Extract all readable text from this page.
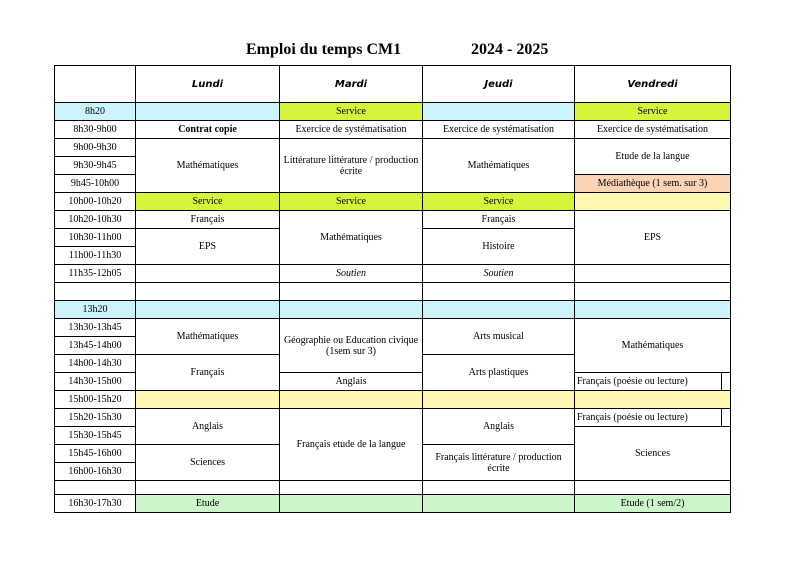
Emploi du temps CM1	2024 - 2025
	Lundi	Mardi	Jeudi	Vendredi	
8h20		Service		Service	
8h30-9h00	Contrat copie	Exercice de systématisation	Exercice de systématisation	Exercice de systématisation	
9h00-9h30	Mathématiques	Littérature littérature / production écrite	Mathématiques	Etude de la langue	
9h30-9h45					
9h45-10h00				Médiathèque (1 sem. sur 3)	
10h00-10h20	Service	Service	Service		
10h20-10h30	Français	Mathématiques	Français	EPS	
10h30-11h00	EPS		Histoire		
11h00-11h30					
11h35-12h05		Soutien	Soutien		

13h20					
13h30-13h45	Mathématiques	Géographie ou Education civique (1sem sur 3)	Arts musical	Mathématiques	
13h45-14h00					
14h00-14h30	Français		Arts plastiques		
14h30-15h00		Anglais		Français (poésie ou lecture)	
15h00-15h20					
15h20-15h30	Anglais	Français etude de la langue	Anglais	Français (poésie ou lecture)	
15h30-15h45				Sciences	
15h45-16h00	Sciences		Français littérature / production écrite		
16h00-16h30					

16h30-17h30	Etude			Etude (1 sem/2)	
